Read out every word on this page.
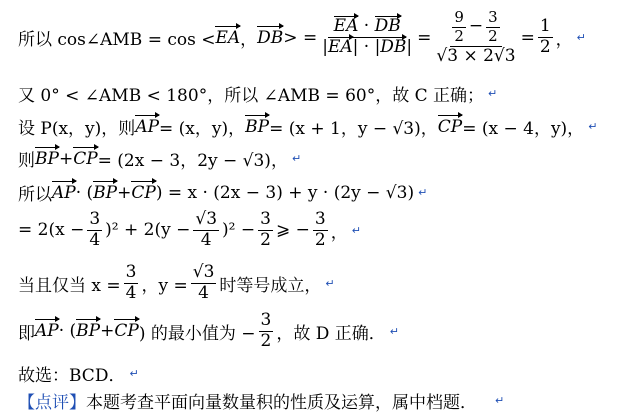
所以 cos∠AMB = cos < EA ， DB > = $\frac{EA \cdot DB}{|EA| \cdot |DB|} = \frac{\frac{9}{2} - \frac{3}{2}}{√3 \times 2√3} = \frac{1}{2}$ ， ↵
又 0° < ∠AMB < 180°，所以 ∠AMB = 60°，故 C 正确； ↵
设 P(x，y)，则 AP = (x，y)， BP = (x + 1，y − √3)， CP = (x − 4，y)， ↵
则 BP + CP = (2x − 3，2y − √3)， ↵
所以 AP · ( BP + CP ) = x · (2x − 3) + y · (2y − √3) ↵
= $2(x - \frac{3}{4} )^2 + 2(y - \frac{√3}{4} )^2 - \frac{3}{2}$ ⩾ − $\frac{3}{2}$ ， ↵
当且仅当 $x = \frac{3}{4}$ ，$y = \frac{√3}{4}$ 时等号成立， ↵
即 AP · ( BP + CP ) 的最小值为 − $\frac{3}{2}$ ，故 D 正确． ↵
故选：BCD． ↵
【点评】 本题考查平面向量数量积的性质及运算，属中档题． ↵
